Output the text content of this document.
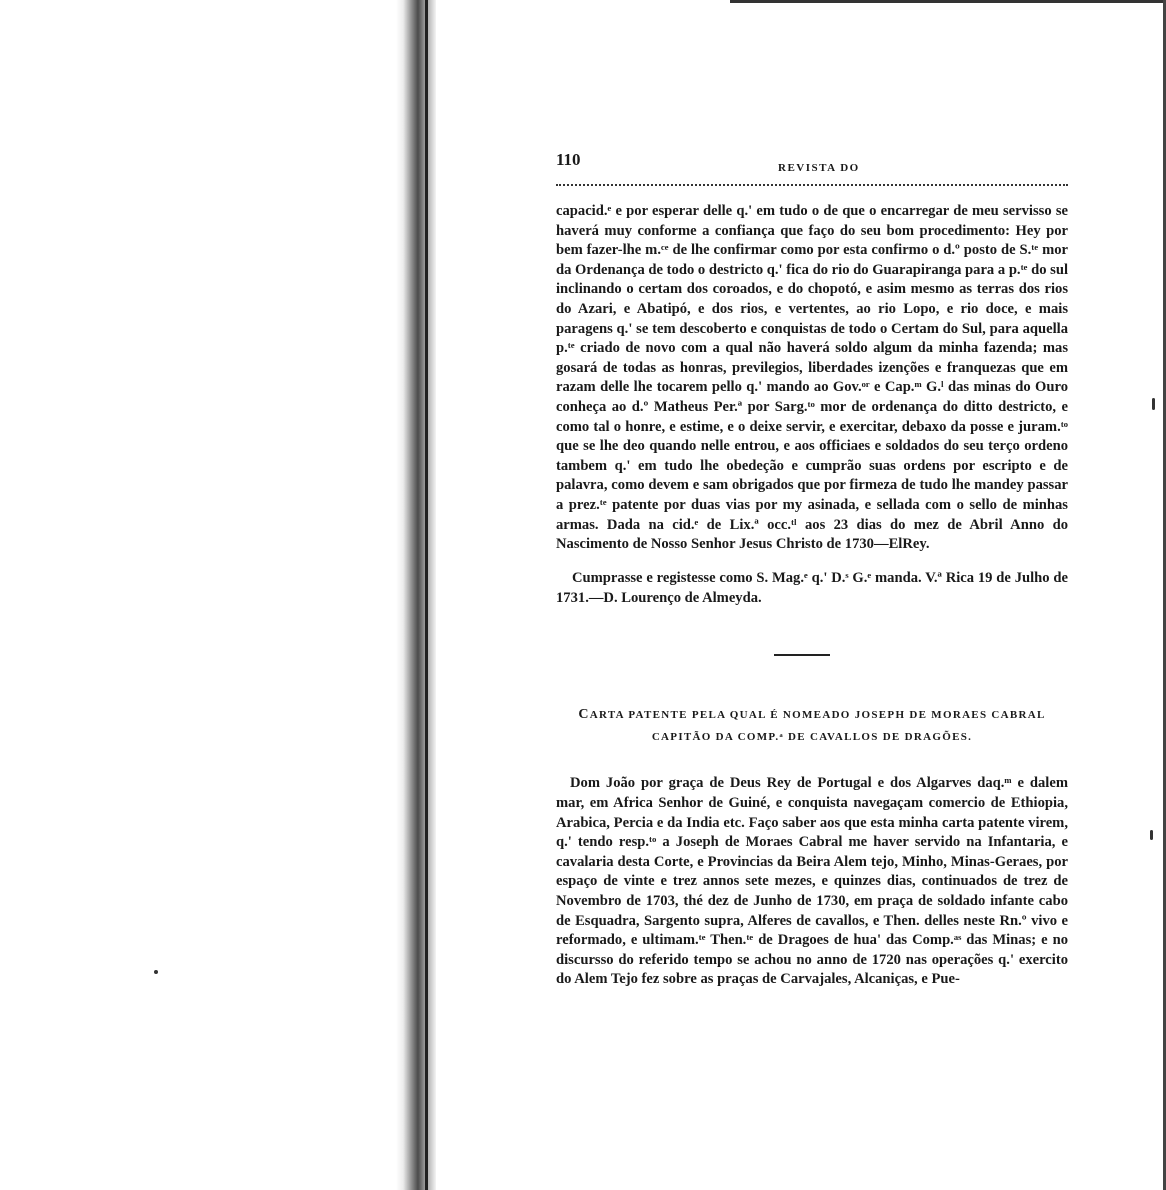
110	REVISTA DO

capacid.ᵉ e por esperar delle q.' em tudo o de que o encarregar de meu servisso se haverá muy conforme a confiança que faço do seu bom procedimento: Hey por bem fazer-lhe m.ᶜᵉ de lhe confirmar como por esta confirmo o d.º posto de S.ᵗᵉ mor da Ordenança de todo o destricto q.' fica do rio do Guarapiranga para a p.ᵗᵉ do sul inclinando o certam dos coroados, e do chopotó, e asim mesmo as terras dos rios do Azari, e Abatipó, e dos rios, e vertentes, ao rio Lopo, e rio doce, e mais paragens q.' se tem descoberto e conquistas de todo o Certam do Sul, para aquella p.ᵗᵉ criado de novo com a qual não haverá soldo algum da minha fazenda; mas gosará de todas as honras, previlegios, liberdades izenções e franquezas que em razam delle lhe tocarem pello q.' mando ao Gov.ᵒʳ e Cap.ᵐ G.ˡ das minas do Ouro conheça ao d.º Matheus Per.ª por Sarg.ᵗᵒ mor de ordenança do ditto destricto, e como tal o honre, e estime, e o deixe servir, e exercitar, debaxo da posse e juram.ᵗᵒ que se lhe deo quando nelle entrou, e aos officiaes e soldados do seu terço ordeno tambem q.' em tudo lhe obedeção e cumprão suas ordens por escripto e de palavra, como devem e sam obrigados que por firmeza de tudo lhe mandey passar a prez.ᵗᵉ patente por duas vias por my asinada, e sellada com o sello de minhas armas. Dada na cid.ᵉ de Lix.ª occ.ᵗˡ aos 23 dias do mez de Abril Anno do Nascimento de Nosso Senhor Jesus Christo de 1730—ElRey.

Cumprasse e registesse como S. Mag.ᵉ q.' D.ˢ G.ᵉ manda. V.ª Rica 19 de Julho de 1731.—D. Lourenço de Almeyda.

CARTA PATENTE PELA QUAL É NOMEADO JOSEPH DE MORAES CABRAL
CAPITÃO DA COMP.ᵃ DE CAVALLOS DE DRAGÕES.

Dom João por graça de Deus Rey de Portugal e dos Algarves daq.ᵐ e dalem mar, em Africa Senhor de Guiné, e conquista navegaçam comercio de Ethiopia, Arabica, Percia e da India etc. Faço saber aos que esta minha carta patente virem, q.' tendo resp.ᵗᵒ a Joseph de Moraes Cabral me haver servido na Infantaria, e cavalaria desta Corte, e Provincias da Beira Alem tejo, Minho, Minas-Geraes, por espaço de vinte e trez annos sete mezes, e quinzes dias, continuados de trez de Novembro de 1703, thé dez de Junho de 1730, em praça de soldado infante cabo de Esquadra, Sargento supra, Alferes de cavallos, e Then. delles neste Rn.º vivo e reformado, e ultimam.ᵗᵉ Then.ᵗᵉ de Dragoes de hua' das Comp.ᵃˢ das Minas; e no discursso do referido tempo se achou no anno de 1720 nas operações q.' exercito do Alem Tejo fez sobre as praças de Carvajales, Alcaniças, e Pue-
